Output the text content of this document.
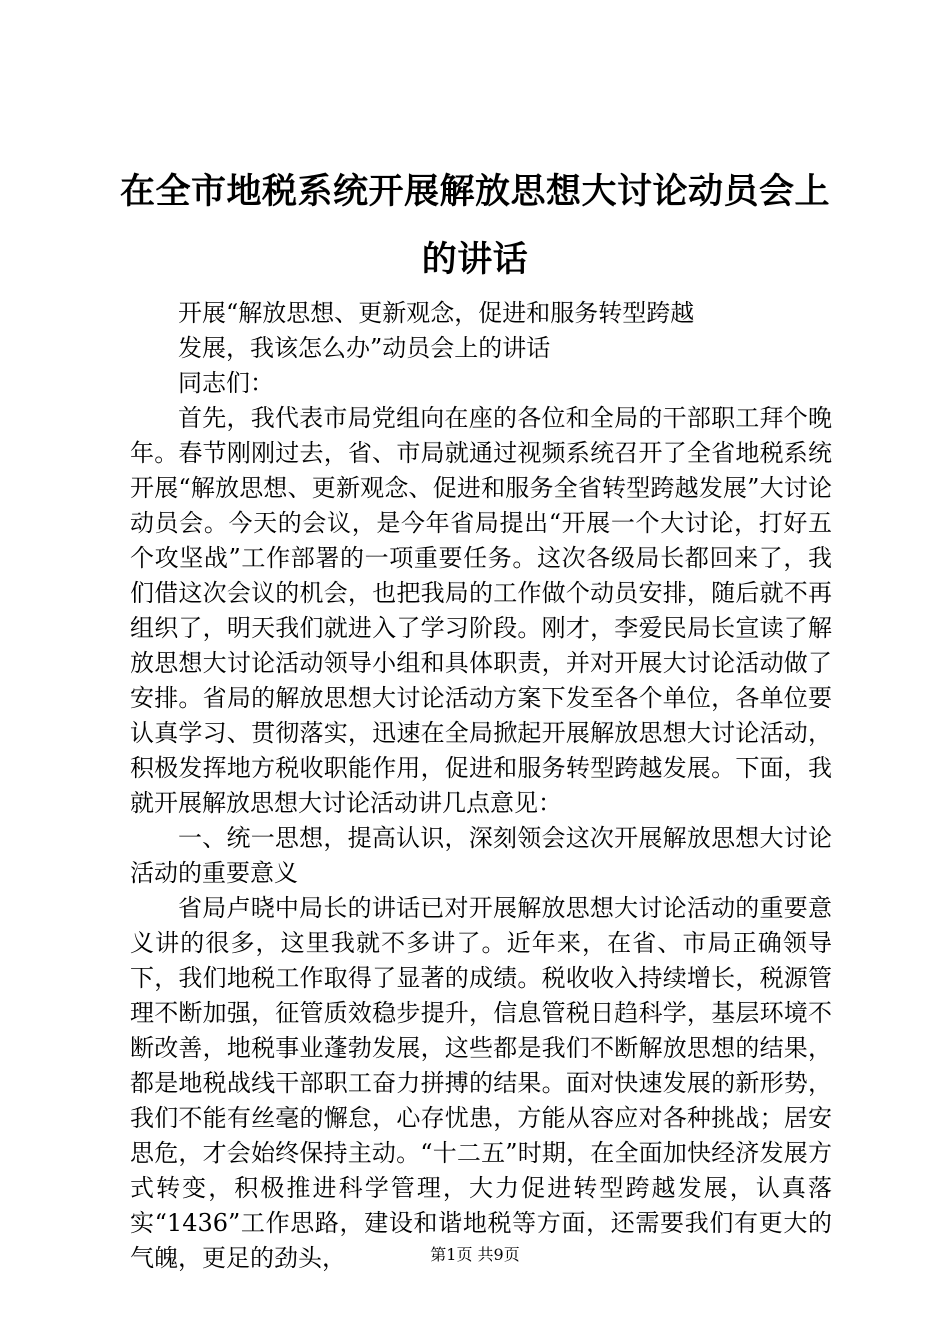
在全市地税系统开展解放思想大讨论动员会上的讲话

开展“解放思想、更新观念，促进和服务转型跨越

发展，我该怎么办”动员会上的讲话

同志们：

首先，我代表市局党组向在座的各位和全局的干部职工拜个晚年。春节刚刚过去，省、市局就通过视频系统召开了全省地税系统开展“解放思想、更新观念、促进和服务全省转型跨越发展”大讨论动员会。今天的会议，是今年省局提出“开展一个大讨论，打好五个攻坚战”工作部署的一项重要任务。这次各级局长都回来了，我们借这次会议的机会，也把我局的工作做个动员安排，随后就不再组织了，明天我们就进入了学习阶段。刚才，李爱民局长宣读了解放思想大讨论活动领导小组和具体职责，并对开展大讨论活动做了安排。省局的解放思想大讨论活动方案下发至各个单位，各单位要认真学习、贯彻落实，迅速在全局掀起开展解放思想大讨论活动，积极发挥地方税收职能作用，促进和服务转型跨越发展。下面，我就开展解放思想大讨论活动讲几点意见：

一、统一思想，提高认识，深刻领会这次开展解放思想大讨论活动的重要意义

省局卢晓中局长的讲话已对开展解放思想大讨论活动的重要意义讲的很多，这里我就不多讲了。近年来，在省、市局正确领导下，我们地税工作取得了显著的成绩。税收收入持续增长，税源管理不断加强，征管质效稳步提升，信息管税日趋科学，基层环境不断改善，地税事业蓬勃发展，这些都是我们不断解放思想的结果，都是地税战线干部职工奋力拼搏的结果。面对快速发展的新形势，我们不能有丝毫的懈怠，心存忧患，方能从容应对各种挑战；居安思危，才会始终保持主动。“十二五”时期，在全面加快经济发展方式转变，积极推进科学管理，大力促进转型跨越发展，认真落实“1436”工作思路，建设和谐地税等方面，还需要我们有更大的气魄，更足的劲头，	第1页 共9页
